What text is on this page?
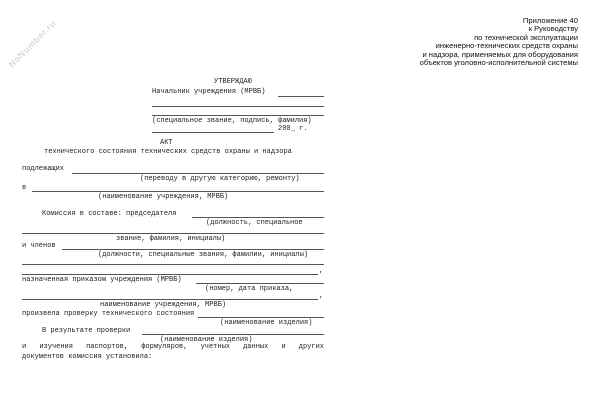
NoNumber.ru	Приложение 40
к Руководству
по технической эксплуатации
инженерно-технических средств охраны
и надзора, применяемых для оборудования
объектов уголовно-исполнительной системы
УТВЕРЖДАЮ
Начальник учреждения (МРВБ)
(специальное звание, подпись, фамилия)
200_ г.
АКТ
технического состояния технических средств охраны и надзора
подлежащих
(переводу в другую категорию, ремонту)
в
(наименование учреждения, МРВБ)
Комиссия в составе: председателя
(должность, специальное
звание, фамилия, инициалы)
и членов
(должности, специальные звания, фамилии, инициалы)
,
назначенная приказом учреждения (МРВБ)
(номер, дата приказа,
,
наименование учреждения, МРВБ)
произвела проверку технического состояния
(наименование изделия)
В результате проверки
(наименование изделия)
и изучения паспортов, формуляров, учетных данных и других
документов комиссия установила:
